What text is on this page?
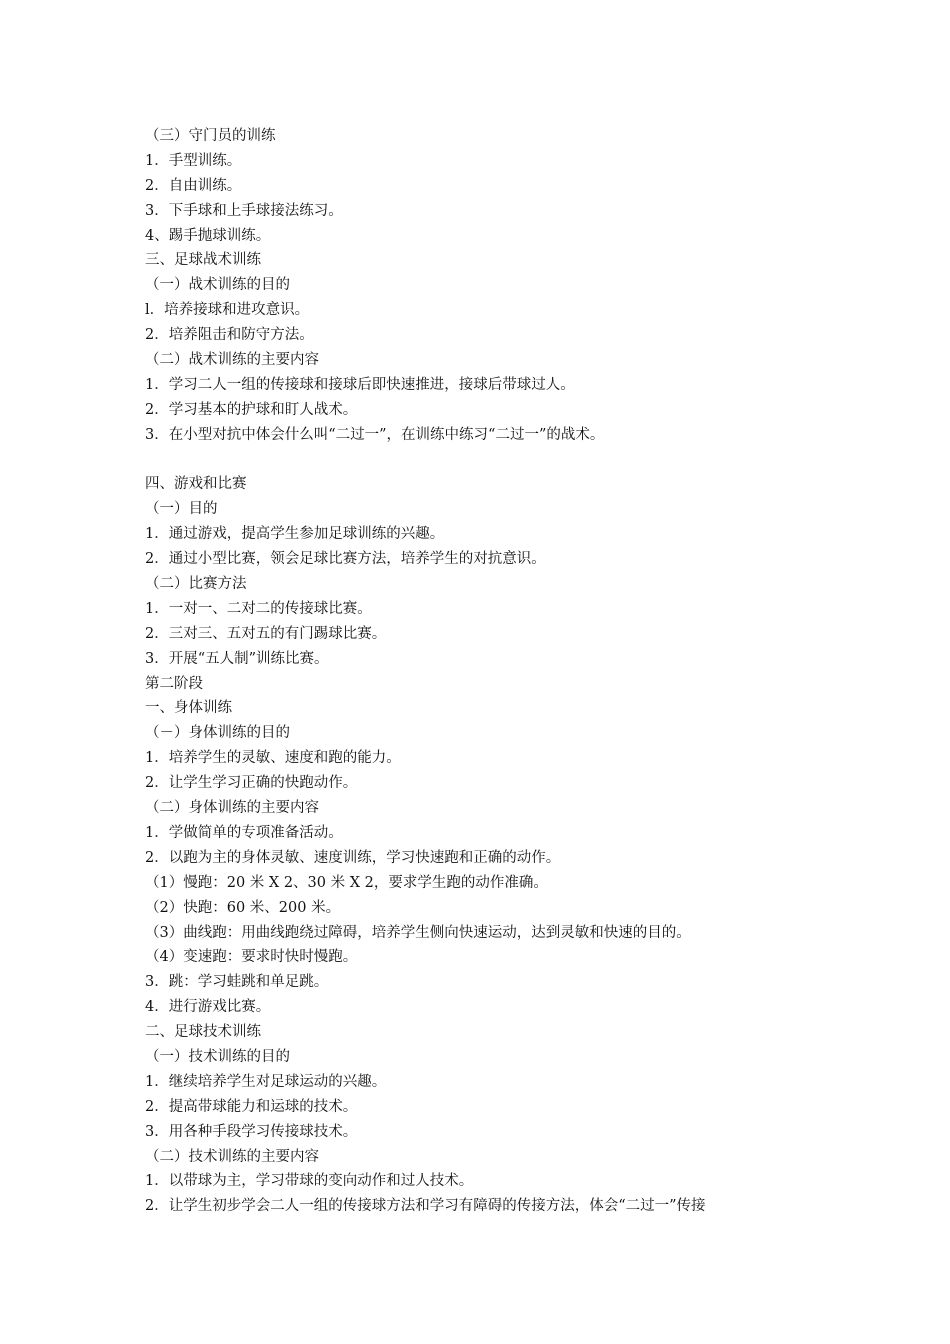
（三）守门员的训练
1．手型训练。
2．自由训练。
3．下手球和上手球接法练习。
4、踢手抛球训练。
三、足球战术训练
（一）战术训练的目的
l．培养接球和进攻意识。
2．培养阻击和防守方法。
（二）战术训练的主要内容
1．学习二人一组的传接球和接球后即快速推进，接球后带球过人。
2．学习基本的护球和盯人战术。
3．在小型对抗中体会什么叫“二过一”，在训练中练习“二过一”的战术。
四、游戏和比赛
（一）目的
1．通过游戏，提高学生参加足球训练的兴趣。
2．通过小型比赛，领会足球比赛方法，培养学生的对抗意识。
（二）比赛方法
1．一对一、二对二的传接球比赛。
2．三对三、五对五的有门踢球比赛。
3．开展“五人制”训练比赛。
第二阶段
一、身体训练
（－）身体训练的目的
1．培养学生的灵敏、速度和跑的能力。
2．让学生学习正确的快跑动作。
（二）身体训练的主要内容
1．学做简单的专项准备活动。
2．以跑为主的身体灵敏、速度训练，学习快速跑和正确的动作。
（1）慢跑：20 米 X 2、30 米 X 2，要求学生跑的动作准确。
（2）快跑：60 米、200 米。
（3）曲线跑：用曲线跑绕过障碍，培养学生侧向快速运动，达到灵敏和快速的目的。
（4）变速跑：要求时快时慢跑。
3．跳：学习蛙跳和单足跳。
4．进行游戏比赛。
二、足球技术训练
（一）技术训练的目的
1．继续培养学生对足球运动的兴趣。
2．提高带球能力和运球的技术。
3．用各种手段学习传接球技术。
（二）技术训练的主要内容
1．以带球为主，学习带球的变向动作和过人技术。
2．让学生初步学会二人一组的传接球方法和学习有障碍的传接方法，体会“二过一”传接
